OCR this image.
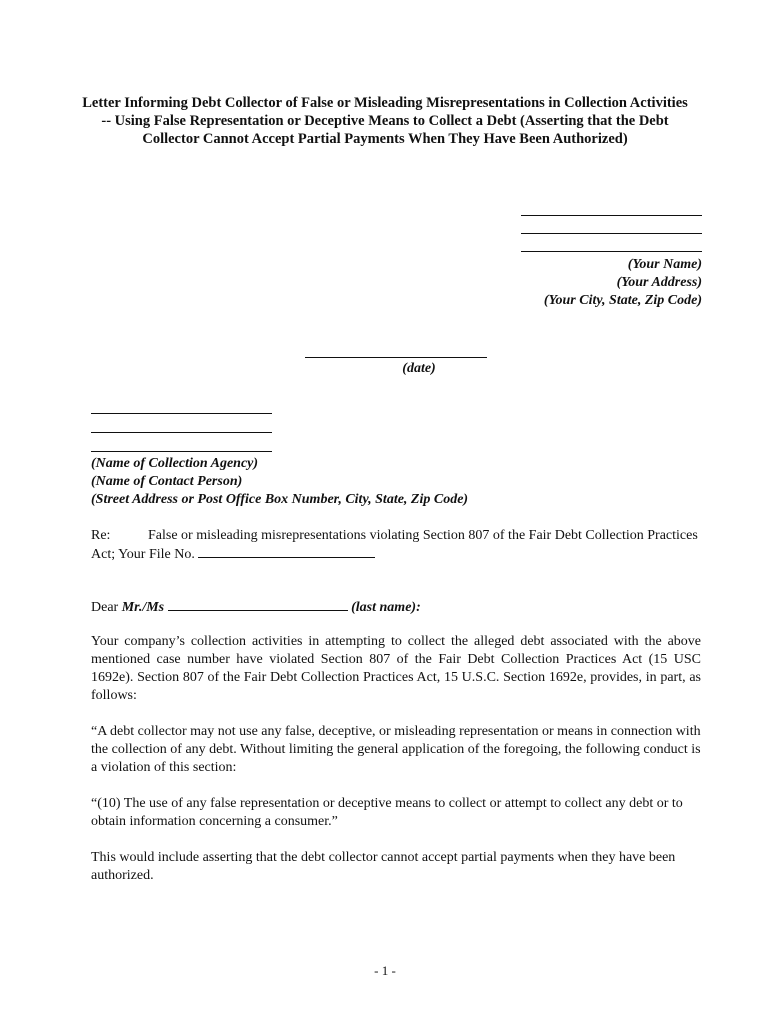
Letter Informing Debt Collector of False or Misleading Misrepresentations in Collection Activities -- Using False Representation or Deceptive Means to Collect a Debt (Asserting that the Debt Collector Cannot Accept Partial Payments When They Have Been Authorized)
(Your Name)
(Your Address)
(Your City, State, Zip Code)
(date)
(Name of Collection Agency)
(Name of Contact Person)
(Street Address or Post Office Box Number, City, State, Zip Code)
Re:	False or misleading misrepresentations violating Section 807 of the Fair Debt Collection Practices Act; Your File No.
Dear Mr./Ms	(last name):
Your company’s collection activities in attempting to collect the alleged debt associated with the above mentioned case number have violated Section 807 of the Fair Debt Collection Practices Act (15 USC 1692e). Section 807 of the Fair Debt Collection Practices Act, 15 U.S.C. Section 1692e, provides, in part, as follows:
“A debt collector may not use any false, deceptive, or misleading representation or means in connection with the collection of any debt. Without limiting the general application of the foregoing, the following conduct is a violation of this section:
“(10) The use of any false representation or deceptive means to collect or attempt to collect any debt or to obtain information concerning a consumer.”
This would include asserting that the debt collector cannot accept partial payments when they have been authorized.
- 1 -
